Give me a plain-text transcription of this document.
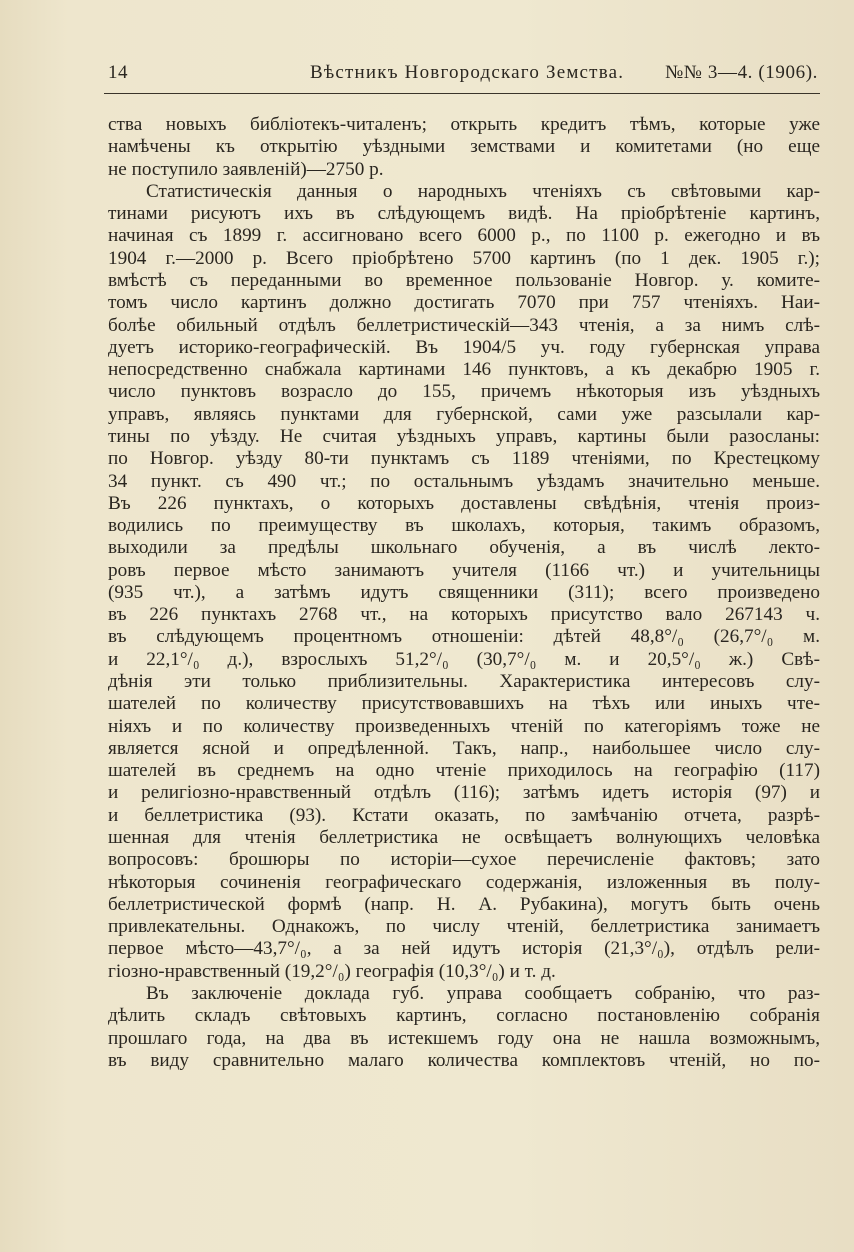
14	Вѣстникъ Новгородскаго Земства. №№ 3—4. (1906).
ства новыхъ библіотекъ-читаленъ; открыть кредитъ тѣмъ, которые уже
намѣчены къ открытію уѣздными земствами и комитетами (но еще
не поступило заявленій)—2750 р.
Статистическія данныя о народныхъ чтеніяхъ съ свѣтовыми кар-
тинами рисуютъ ихъ въ слѣдующемъ видѣ. На пріобрѣтеніе картинъ,
начиная съ 1899 г. ассигновано всего 6000 р., по 1100 р. ежегодно и въ
1904 г.—2000 р. Всего пріобрѣтено 5700 картинъ (по 1 дек. 1905 г.);
вмѣстѣ съ переданными во временное пользованіе Новгор. у. комите-
томъ число картинъ должно достигать 7070 при 757 чтеніяхъ. Наи-
болѣе обильный отдѣлъ беллетристическій—343 чтенія, а за нимъ слѣ-
дуетъ историко-географическій. Въ 1904/5 уч. году губернская управа
непосредственно снабжала картинами 146 пунктовъ, а къ декабрю 1905 г.
число пунктовъ возрасло до 155, причемъ нѣкоторыя изъ уѣздныхъ
управъ, являясь пунктами для губернской, сами уже разсылали кар-
тины по уѣзду. Не считая уѣздныхъ управъ, картины были разосланы:
по Новгор. уѣзду 80-ти пунктамъ съ 1189 чтеніями, по Крестецкому
34 пункт. съ 490 чт.; по остальнымъ уѣздамъ значительно меньше.
Въ 226 пунктахъ, о которыхъ доставлены свѣдѣнія, чтенія произ-
водились по преимуществу въ школахъ, которыя, такимъ образомъ,
выходили за предѣлы школьнаго обученія, а въ числѣ лекто-
ровъ первое мѣсто занимаютъ учителя (1166 чт.) и учительницы
(935 чт.), а затѣмъ идутъ священники (311); всего произведено
въ 226 пунктахъ 2768 чт., на которыхъ присутство вало 267143 ч.
въ слѣдующемъ процентномъ отношеніи: дѣтей 48,8°/₀ (26,7°/₀ м.
и 22,1°/₀ д.), взрослыхъ 51,2°/₀ (30,7°/₀ м. и 20,5°/₀ ж.) Свѣ-
дѣнія эти только приблизительны. Характеристика интересовъ слу-
шателей по количеству присутствовавшихъ на тѣхъ или иныхъ чте-
ніяхъ и по количеству произведенныхъ чтеній по категоріямъ тоже не
является ясной и опредѣленной. Такъ, напр., наибольшее число слу-
шателей въ среднемъ на одно чтеніе приходилось на географію (117)
и религіозно-нравственный отдѣлъ (116); затѣмъ идетъ исторія (97) и
и беллетристика (93). Кстати оказать, по замѣчанію отчета, разрѣ-
шенная для чтенія беллетристика не освѣщаетъ волнующихъ человѣка
вопросовъ: брошюры по исторіи—сухое перечисленіе фактовъ; зато
нѣкоторыя сочиненія географическаго содержанія, изложенныя въ полу-
беллетристической формѣ (напр. Н. А. Рубакина), могутъ быть очень
привлекательны. Однакожъ, по числу чтеній, беллетристика занимаетъ
первое мѣсто—43,7°/₀, а за ней идутъ исторія (21,3°/₀), отдѣлъ рели-
гіозно-нравственный (19,2°/₀) географія (10,3°/₀) и т. д.
Въ заключеніе доклада губ. управа сообщаетъ собранію, что раз-
дѣлить складъ свѣтовыхъ картинъ, согласно постановленію собранія
прошлаго года, на два въ истекшемъ году она не нашла возможнымъ,
въ виду сравнительно малаго количества комплектовъ чтеній, но по-
